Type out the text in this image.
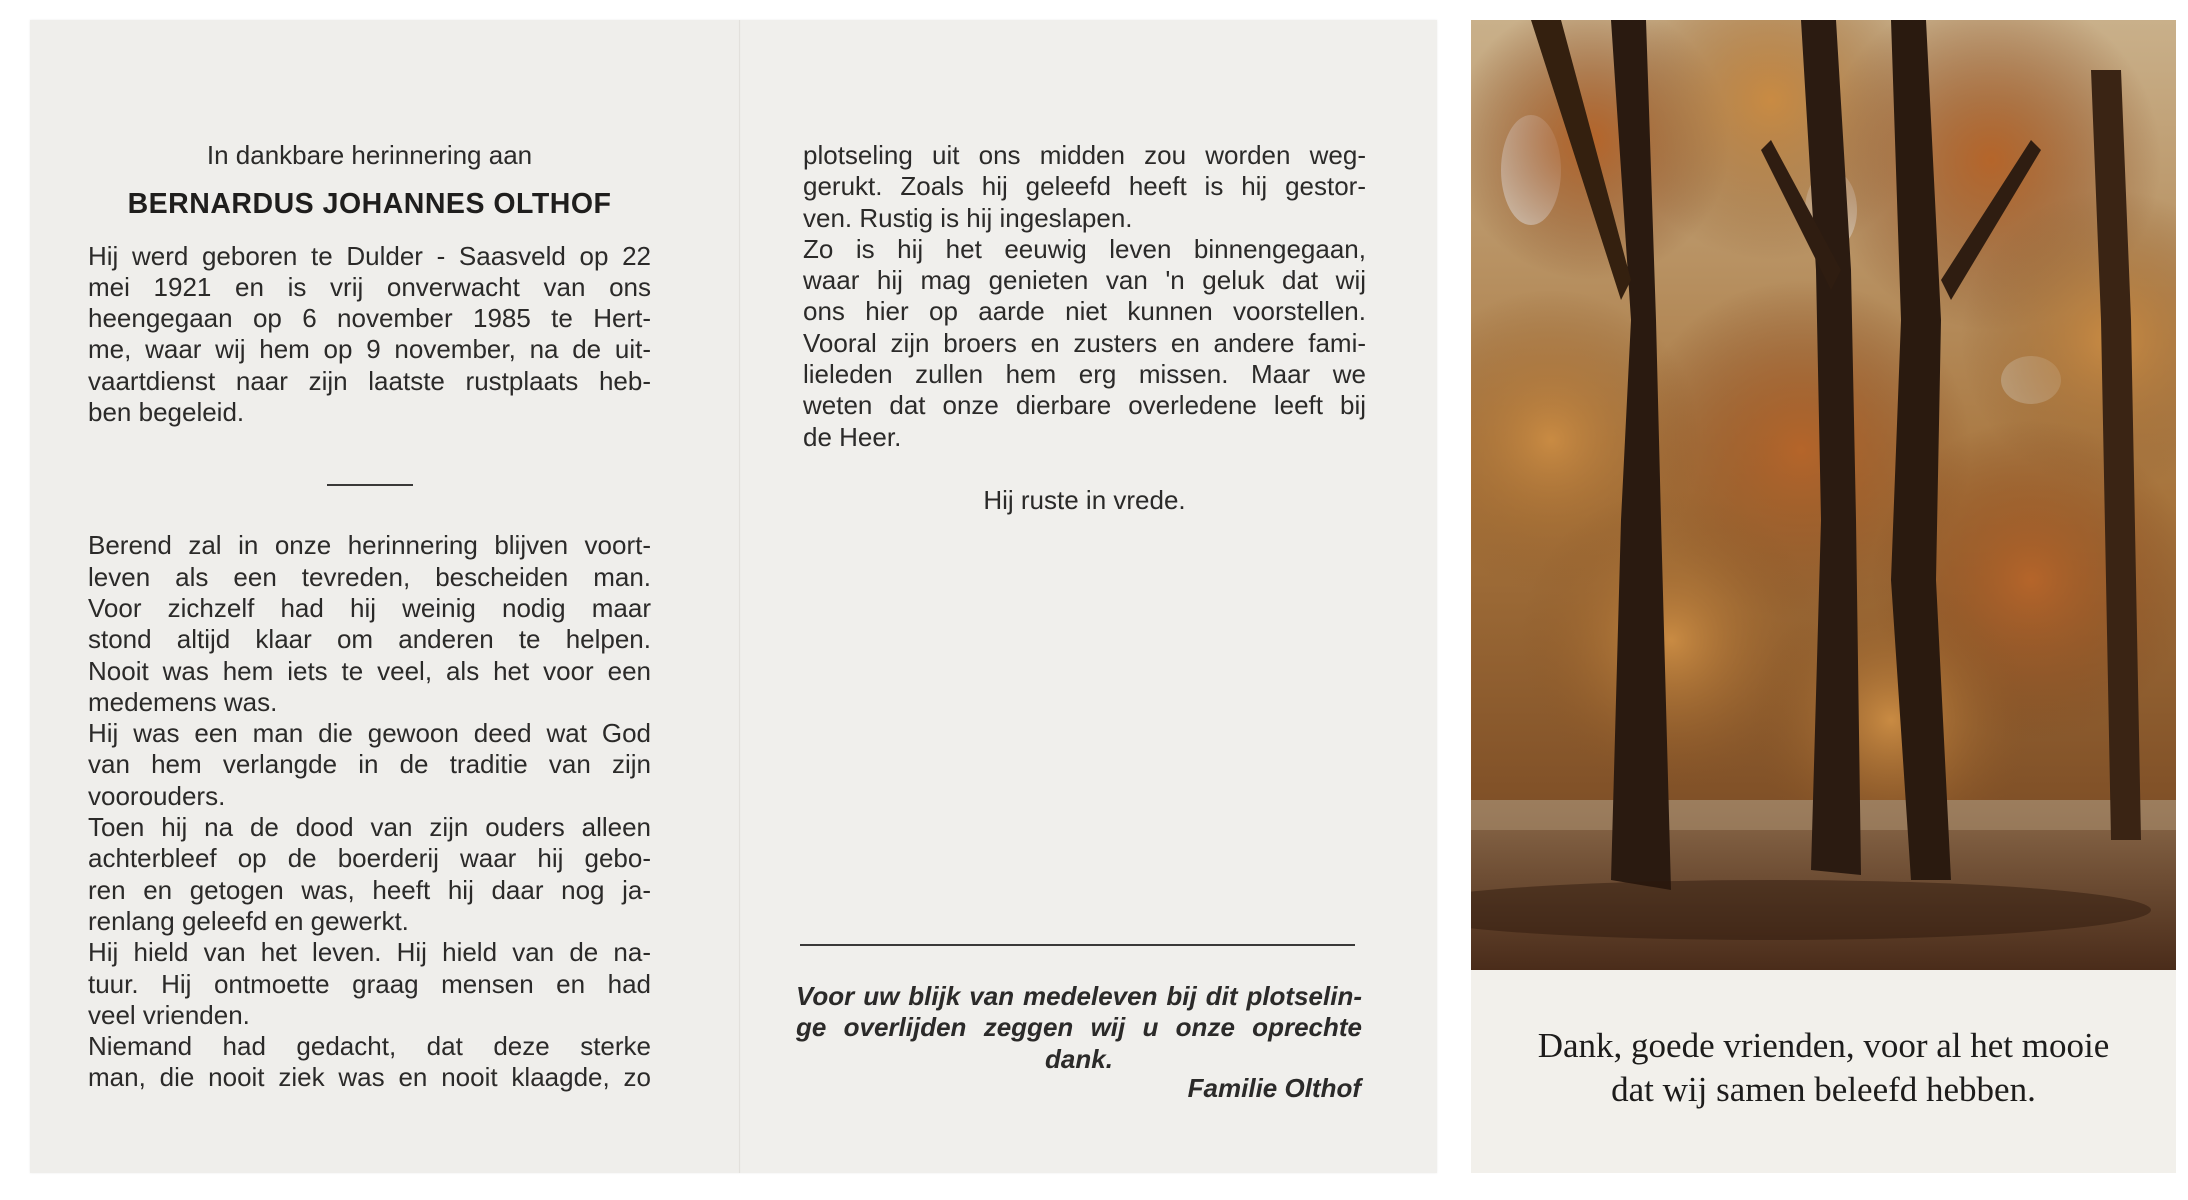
In dankbare herinnering aan
BERNARDUS JOHANNES OLTHOF
Hij werd geboren te Dulder - Saasveld op 22
mei 1921 en is vrij onverwacht van ons
heengegaan op 6 november 1985 te Hert-
me, waar wij hem op 9 november, na de uit-
vaartdienst naar zijn laatste rustplaats heb-
ben begeleid.
Berend zal in onze herinnering blijven voort-
leven als een tevreden, bescheiden man.
Voor zichzelf had hij weinig nodig maar
stond altijd klaar om anderen te helpen.
Nooit was hem iets te veel, als het voor een
medemens was.
Hij was een man die gewoon deed wat God
van hem verlangde in de traditie van zijn
voorouders.
Toen hij na de dood van zijn ouders alleen
achterbleef op de boerderij waar hij gebo-
ren en getogen was, heeft hij daar nog ja-
renlang geleefd en gewerkt.
Hij hield van het leven. Hij hield van de na-
tuur. Hij ontmoette graag mensen en had
veel vrienden.
Niemand had gedacht, dat deze sterke
man, die nooit ziek was en nooit klaagde, zo
plotseling uit ons midden zou worden weg-
gerukt. Zoals hij geleefd heeft is hij gestor-
ven. Rustig is hij ingeslapen.
Zo is hij het eeuwig leven binnengegaan,
waar hij mag genieten van 'n geluk dat wij
ons hier op aarde niet kunnen voorstellen.
Vooral zijn broers en zusters en andere fami-
lieleden zullen hem erg missen. Maar we
weten dat onze dierbare overledene leeft bij
de Heer.
Hij ruste in vrede.
Voor uw blijk van medeleven bij dit plotselin-
ge overlijden zeggen wij u onze oprechte
dank.
Familie Olthof
Dank, goede vrienden, voor al het mooie
dat wij samen beleefd hebben.
